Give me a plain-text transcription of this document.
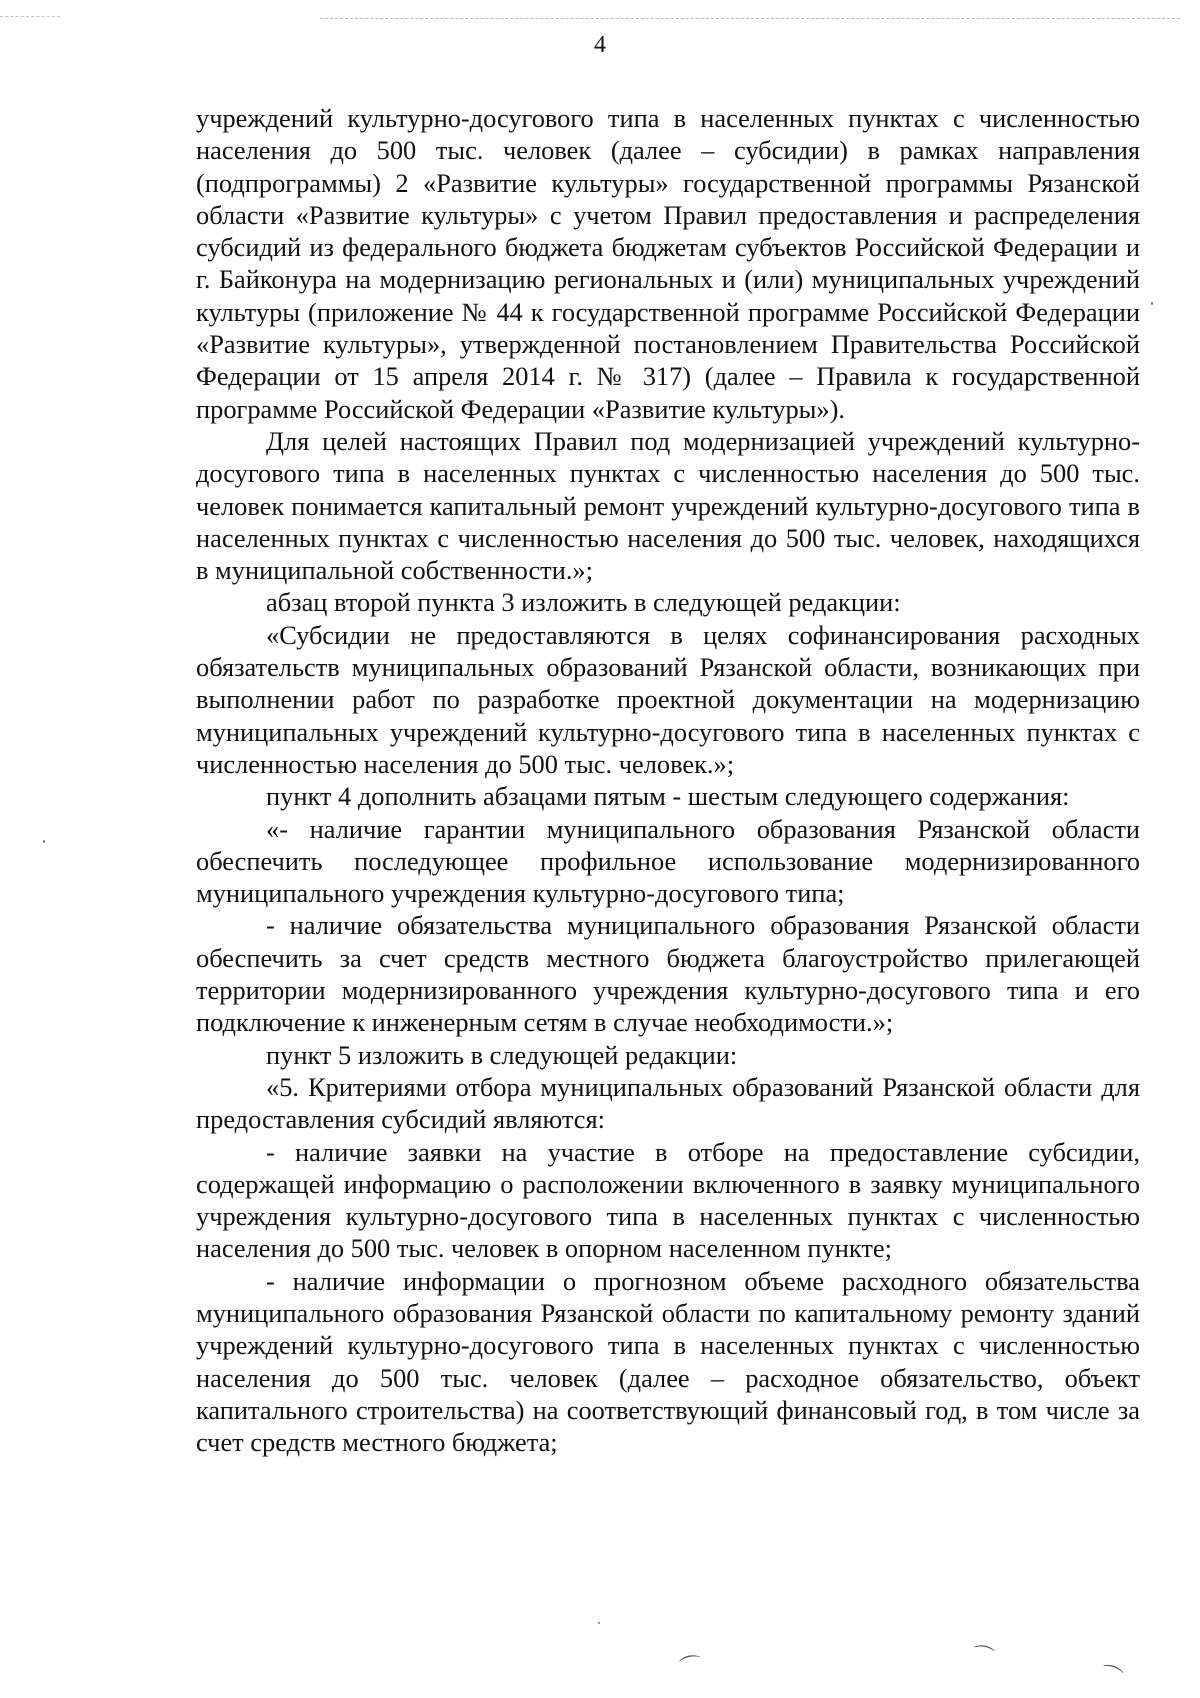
4

учреждений культурно-досугового типа в населенных пунктах с численностью населения до 500 тыс. человек (далее – субсидии) в рамках направления (подпрограммы) 2 «Развитие культуры» государственной программы Рязанской области «Развитие культуры» с учетом Правил предоставления и распределения субсидий из федерального бюджета бюджетам субъектов Российской Федерации и г. Байконура на модернизацию региональных и (или) муниципальных учреждений культуры (приложение № 44 к государственной программе Российской Федерации «Развитие культуры», утвержденной постановлением Правительства Российской Федерации от 15 апреля 2014 г. № 317) (далее – Правила к государственной программе Российской Федерации «Развитие культуры»).

Для целей настоящих Правил под модернизацией учреждений культурно-досугового типа в населенных пунктах с численностью населения до 500 тыс. человек понимается капитальный ремонт учреждений культурно-досугового типа в населенных пунктах с численностью населения до 500 тыс. человек, находящихся в муниципальной собственности.»;

абзац второй пункта 3 изложить в следующей редакции:

«Субсидии не предоставляются в целях софинансирования расходных обязательств муниципальных образований Рязанской области, возникающих при выполнении работ по разработке проектной документации на модернизацию муниципальных учреждений культурно-досугового типа в населенных пунктах с численностью населения до 500 тыс. человек.»;

пункт 4 дополнить абзацами пятым - шестым следующего содержания:

«- наличие гарантии муниципального образования Рязанской области обеспечить последующее профильное использование модернизированного муниципального учреждения культурно-досугового типа;

- наличие обязательства муниципального образования Рязанской области обеспечить за счет средств местного бюджета благоустройство прилегающей территории модернизированного учреждения культурно-досугового типа и его подключение к инженерным сетям в случае необходимости.»;

пункт 5 изложить в следующей редакции:

«5. Критериями отбора муниципальных образований Рязанской области для предоставления субсидий являются:

- наличие заявки на участие в отборе на предоставление субсидии, содержащей информацию о расположении включенного в заявку муниципального учреждения культурно-досугового типа в населенных пунктах с численностью населения до 500 тыс. человек в опорном населенном пункте;

- наличие информации о прогнозном объеме расходного обязательства муниципального образования Рязанской области по капитальному ремонту зданий учреждений культурно-досугового типа в населенных пунктах с численностью населения до 500 тыс. человек (далее – расходное обязательство, объект капитального строительства) на соответствующий финансовый год, в том числе за счет средств местного бюджета;

⌒	⌒
⌒
